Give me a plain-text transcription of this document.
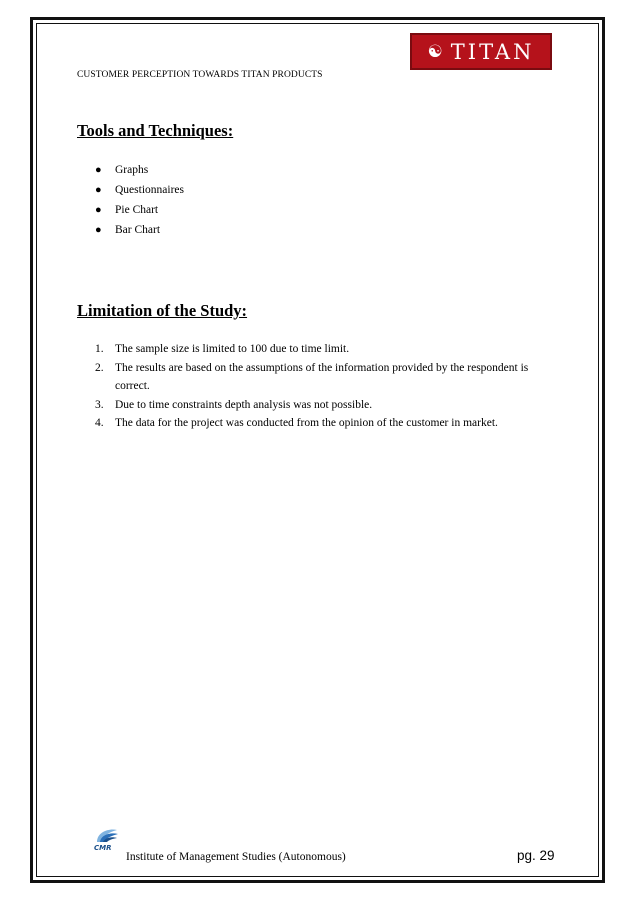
☯ TITAN
CUSTOMER PERCEPTION TOWARDS TITAN PRODUCTS
Tools and Techniques:
● Graphs
● Questionnaires
● Pie Chart
● Bar Chart
Limitation of the Study:
1. The sample size is limited to 100 due to time limit.
2. The results are based on the assumptions of the information provided by the respondent is correct.
3. Due to time constraints depth analysis was not possible.
4. The data for the project was conducted from the opinion of the customer in market.
CMR
Institute of Management Studies (Autonomous)	pg. 29
